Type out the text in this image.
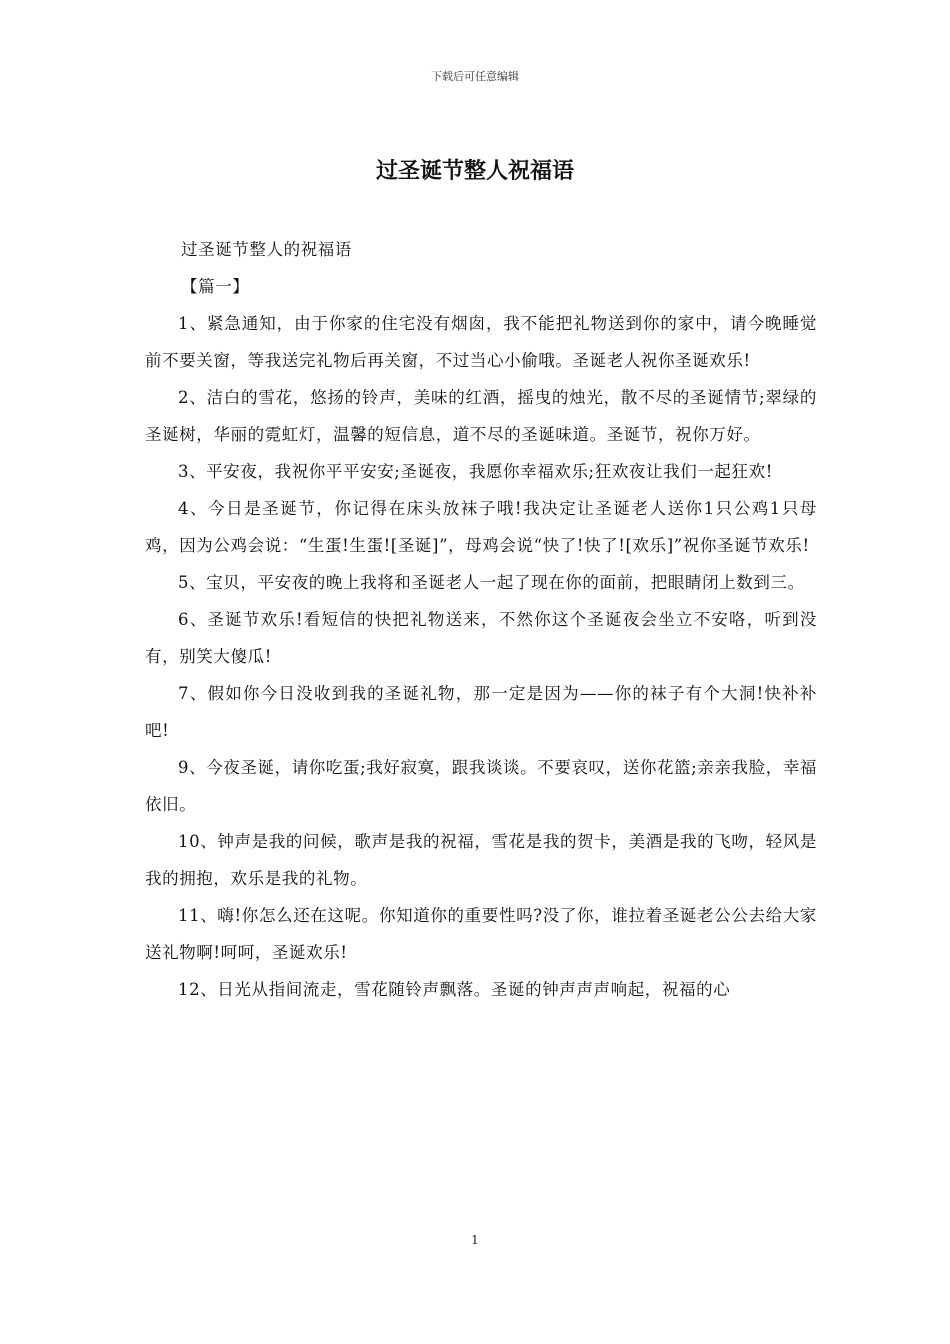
下载后可任意编辑
过圣诞节整人祝福语

过圣诞节整人的祝福语

【篇一】

1、紧急通知，由于你家的住宅没有烟囱，我不能把礼物送到你的家中，请今晚睡觉前不要关窗，等我送完礼物后再关窗，不过当心小偷哦。圣诞老人祝你圣诞欢乐!

2、洁白的雪花，悠扬的铃声，美味的红酒，摇曳的烛光，散不尽的圣诞情节;翠绿的圣诞树，华丽的霓虹灯，温馨的短信息，道不尽的圣诞味道。圣诞节，祝你万好。

3、平安夜，我祝你平平安安;圣诞夜，我愿你幸福欢乐;狂欢夜让我们一起狂欢!

4、今日是圣诞节，你记得在床头放袜子哦!我决定让圣诞老人送你1只公鸡1只母鸡，因为公鸡会说：“生蛋!生蛋![圣诞]”，母鸡会说“快了!快了![欢乐]”祝你圣诞节欢乐!

5、宝贝，平安夜的晚上我将和圣诞老人一起了现在你的面前，把眼睛闭上数到三。

6、圣诞节欢乐!看短信的快把礼物送来，不然你这个圣诞夜会坐立不安咯，听到没有，别笑大傻瓜!

7、假如你今日没收到我的圣诞礼物，那一定是因为——你的袜子有个大洞!快补补吧!

9、今夜圣诞，请你吃蛋;我好寂寞，跟我谈谈。不要哀叹，送你花篮;亲亲我脸，幸福依旧。

10、钟声是我的问候，歌声是我的祝福，雪花是我的贺卡，美酒是我的飞吻，轻风是我的拥抱，欢乐是我的礼物。

11、嗨!你怎么还在这呢。你知道你的重要性吗?没了你，谁拉着圣诞老公公去给大家送礼物啊!呵呵，圣诞欢乐!

12、日光从指间流走，雪花随铃声飘落。圣诞的钟声声声响起，祝福的心

1
